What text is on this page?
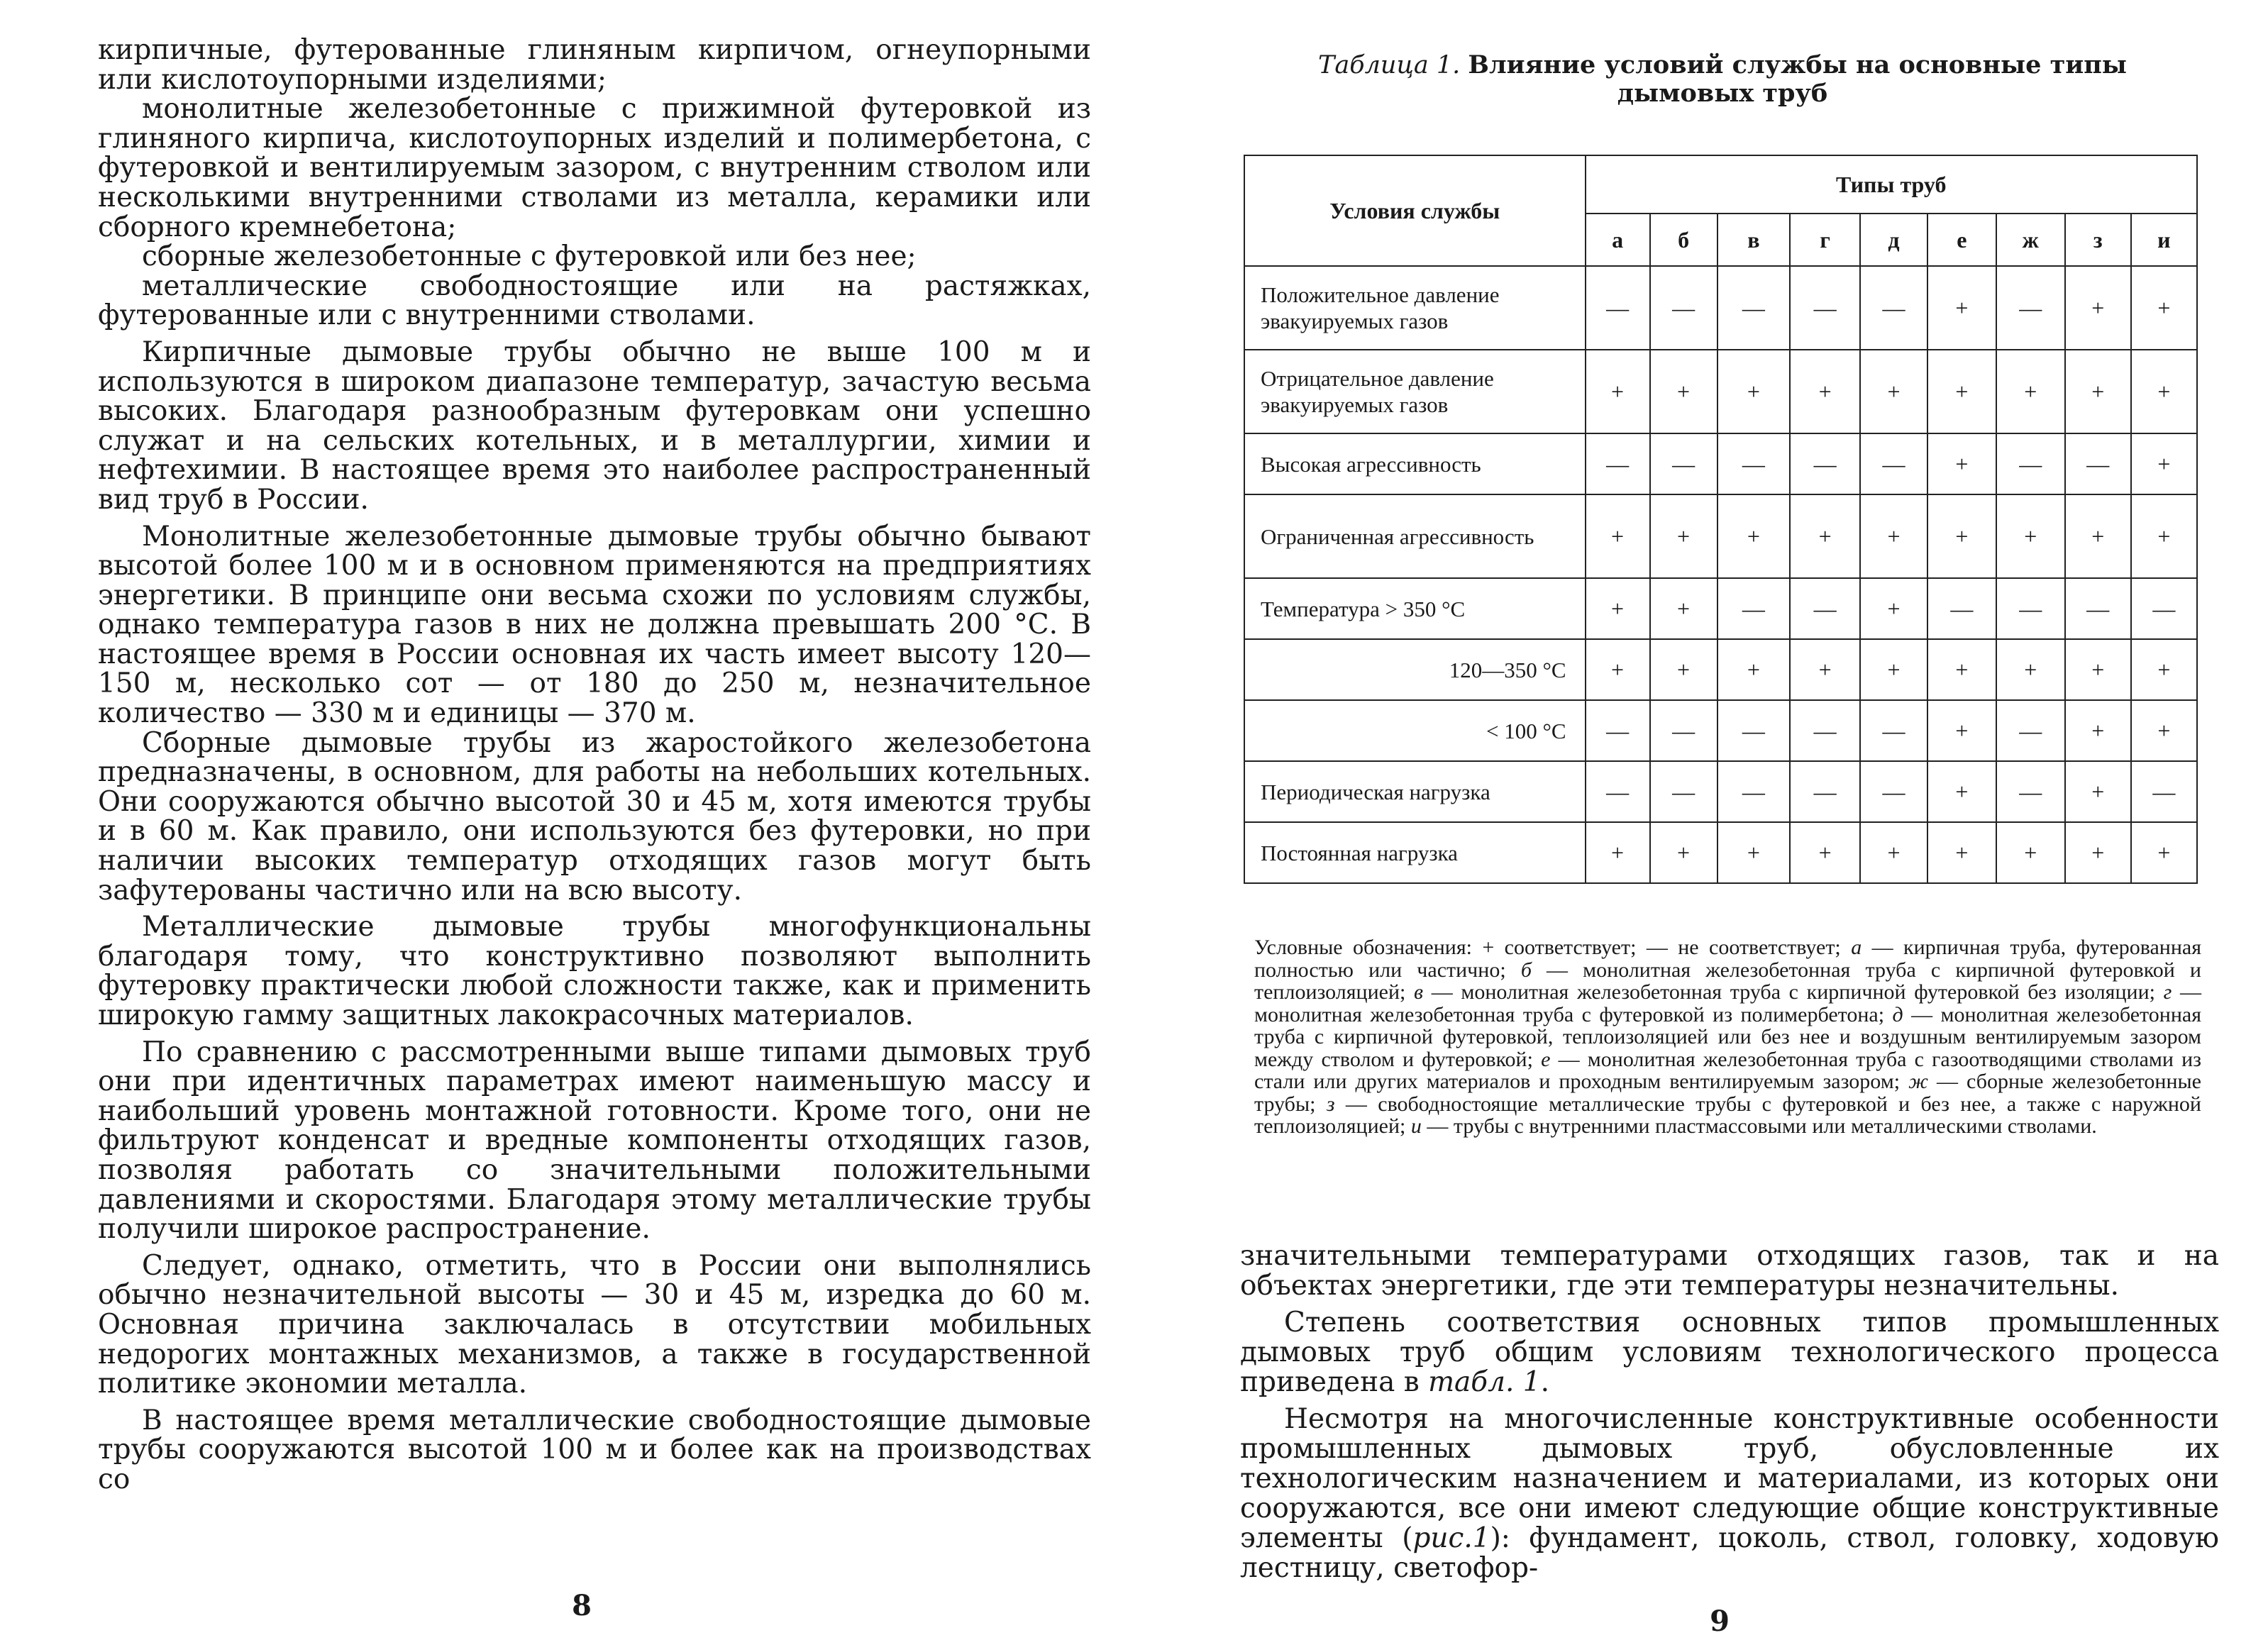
кирпичные, футерованные глиняным кирпичом, огнеупорными или кислотоупорными изделиями;

монолитные железобетонные с прижимной футеровкой из глиняного кирпича, кислотоупорных изделий и полимербетона, с футеровкой и вентилируемым зазором, с внутренним стволом или несколькими внутренними стволами из металла, керамики или сборного кремнебетона;

сборные железобетонные с футеровкой или без нее;

металлические свободностоящие или на растяжках, футерованные или с внутренними стволами.

Кирпичные дымовые трубы обычно не выше 100 м и используются в широком диапазоне температур, зачастую весьма высоких. Благодаря разнообразным футеровкам они успешно служат и на сельских котельных, и в металлургии, химии и нефтехимии. В настоящее время это наиболее распространенный вид труб в России.

Монолитные железобетонные дымовые трубы обычно бывают высотой более 100 м и в основном применяются на предприятиях энергетики. В принципе они весьма схожи по условиям службы, однако температура газов в них не должна превышать 200 °С. В настоящее время в России основная их часть имеет высоту 120—150 м, несколько сот — от 180 до 250 м, незначительное количество — 330 м и единицы — 370 м.

Сборные дымовые трубы из жаростойкого железобетона предназначены, в основном, для работы на небольших котельных. Они сооружаются обычно высотой 30 и 45 м, хотя имеются трубы и в 60 м. Как правило, они используются без футеровки, но при наличии высоких температур отходящих газов могут быть зафутерованы частично или на всю высоту.

Металлические дымовые трубы многофункциональны благодаря тому, что конструктивно позволяют выполнить футеровку практически любой сложности также, как и применить широкую гамму защитных лакокрасочных материалов.

По сравнению с рассмотренными выше типами дымовых труб они при идентичных параметрах имеют наименьшую массу и наибольший уровень монтажной готовности. Кроме того, они не фильтруют конденсат и вредные компоненты отходящих газов, позволяя работать со значительными положительными давлениями и скоростями. Благодаря этому металлические трубы получили широкое распространение.

Следует, однако, отметить, что в России они выполнялись обычно незначительной высоты — 30 и 45 м, изредка до 60 м. Основная причина заключалась в отсутствии мобильных недорогих монтажных механизмов, а также в государственной политике экономии металла.

В настоящее время металлические свободностоящие дымовые трубы сооружаются высотой 100 м и более как на производствах со

8
Таблица 1. Влияние условий службы на основные типы дымовых труб
Условия службы	Типы труб								
	а	б	в	г	д	е	ж	з	и
Положительное давление эвакуируемых газов	—	—	—	—	—	+	—	+	+
Отрицательное давление эвакуируемых газов	+	+	+	+	+	+	+	+	+
Высокая агрессивность	—	—	—	—	—	+	—	—	+
Ограниченная агрессивность	+	+	+	+	+	+	+	+	+
Температура > 350 °С	+	+	—	—	+	—	—	—	—
120—350 °С	+	+	+	+	+	+	+	+	+
< 100 °С	—	—	—	—	—	+	—	+	+
Периодическая нагрузка	—	—	—	—	—	+	—	+	—
Постоянная нагрузка	+	+	+	+	+	+	+	+	+
Условные обозначения: + соответствует; — не соответствует; а — кирпичная труба, футерованная полностью или частично; б — монолитная железобетонная труба с кирпичной футеровкой и теплоизоляцией; в — монолитная железобетонная труба с кирпичной футеровкой без изоляции; г — монолитная железобетонная труба с футеровкой из полимербетона; д — монолитная железобетонная труба с кирпичной футеровкой, теплоизоляцией или без нее и воздушным вентилируемым зазором между стволом и футеровкой; е — монолитная железобетонная труба с газоотводящими стволами из стали или других материалов и проходным вентилируемым зазором; ж — сборные железобетонные трубы; з — свободностоящие металлические трубы с футеровкой и без нее, а также с наружной теплоизоляцией; и — трубы с внутренними пластмассовыми или металлическими стволами.

значительными температурами отходящих газов, так и на объектах энергетики, где эти температуры незначительны.

Степень соответствия основных типов промышленных дымовых труб общим условиям технологического процесса приведена в табл. 1.

Несмотря на многочисленные конструктивные особенности промышленных дымовых труб, обусловленные их технологическим назначением и материалами, из которых они сооружаются, все они имеют следующие общие конструктивные элементы (рис.1): фундамент, цоколь, ствол, головку, ходовую лестницу, светофор-

9
